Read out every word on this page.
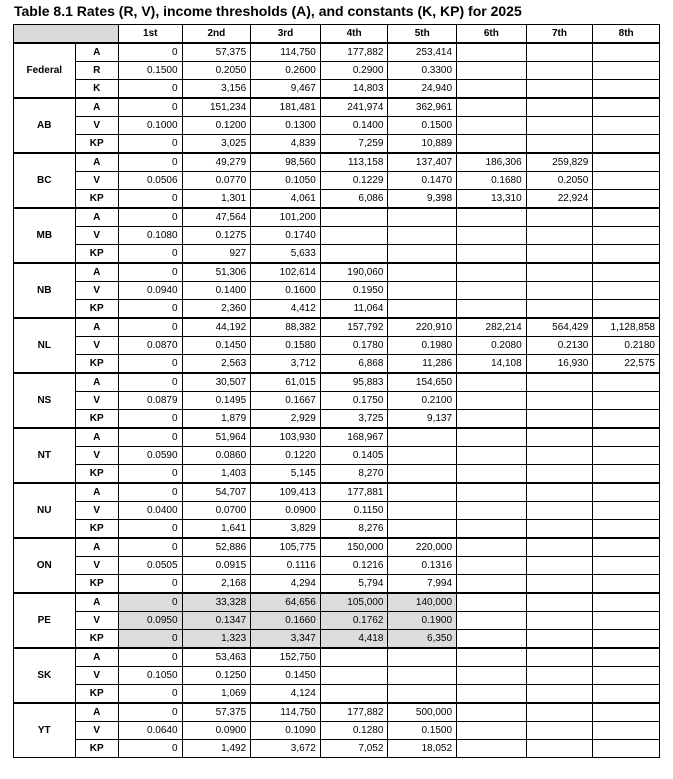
Table 8.1 Rates (R, V), income thresholds (A), and constants (K, KP) for 2025
		1st	2nd	3rd	4th	5th	6th	7th	8th
Federal	A	0	57,375	114,750	177,882	253,414			
	R	0.1500	0.2050	0.2600	0.2900	0.3300			
	K	0	3,156	9,467	14,803	24,940			
AB	A	0	151,234	181,481	241,974	362,961			
	V	0.1000	0.1200	0.1300	0.1400	0.1500			
	KP	0	3,025	4,839	7,259	10,889			
BC	A	0	49,279	98,560	113,158	137,407	186,306	259,829	
	V	0.0506	0.0770	0.1050	0.1229	0.1470	0.1680	0.2050	
	KP	0	1,301	4,061	6,086	9,398	13,310	22,924	
MB	A	0	47,564	101,200					
	V	0.1080	0.1275	0.1740					
	KP	0	927	5,633					
NB	A	0	51,306	102,614	190,060				
	V	0.0940	0.1400	0.1600	0.1950				
	KP	0	2,360	4,412	11,064				
NL	A	0	44,192	88,382	157,792	220,910	282,214	564,429	1,128,858
	V	0.0870	0.1450	0.1580	0.1780	0.1980	0.2080	0.2130	0.2180
	KP	0	2,563	3,712	6,868	11,286	14,108	16,930	22,575
NS	A	0	30,507	61,015	95,883	154,650			
	V	0.0879	0.1495	0.1667	0.1750	0.2100			
	KP	0	1,879	2,929	3,725	9,137			
NT	A	0	51,964	103,930	168,967				
	V	0.0590	0.0860	0.1220	0.1405				
	KP	0	1,403	5,145	8,270				
NU	A	0	54,707	109,413	177,881				
	V	0.0400	0.0700	0.0900	0.1150				
	KP	0	1,641	3,829	8,276				
ON	A	0	52,886	105,775	150,000	220,000			
	V	0.0505	0.0915	0.1116	0.1216	0.1316			
	KP	0	2,168	4,294	5,794	7,994			
PE	A	0	33,328	64,656	105,000	140,000			
	V	0.0950	0.1347	0.1660	0.1762	0.1900			
	KP	0	1,323	3,347	4,418	6,350			
SK	A	0	53,463	152,750					
	V	0.1050	0.1250	0.1450					
	KP	0	1,069	4,124					
YT	A	0	57,375	114,750	177,882	500,000			
	V	0.0640	0.0900	0.1090	0.1280	0.1500			
	KP	0	1,492	3,672	7,052	18,052			
